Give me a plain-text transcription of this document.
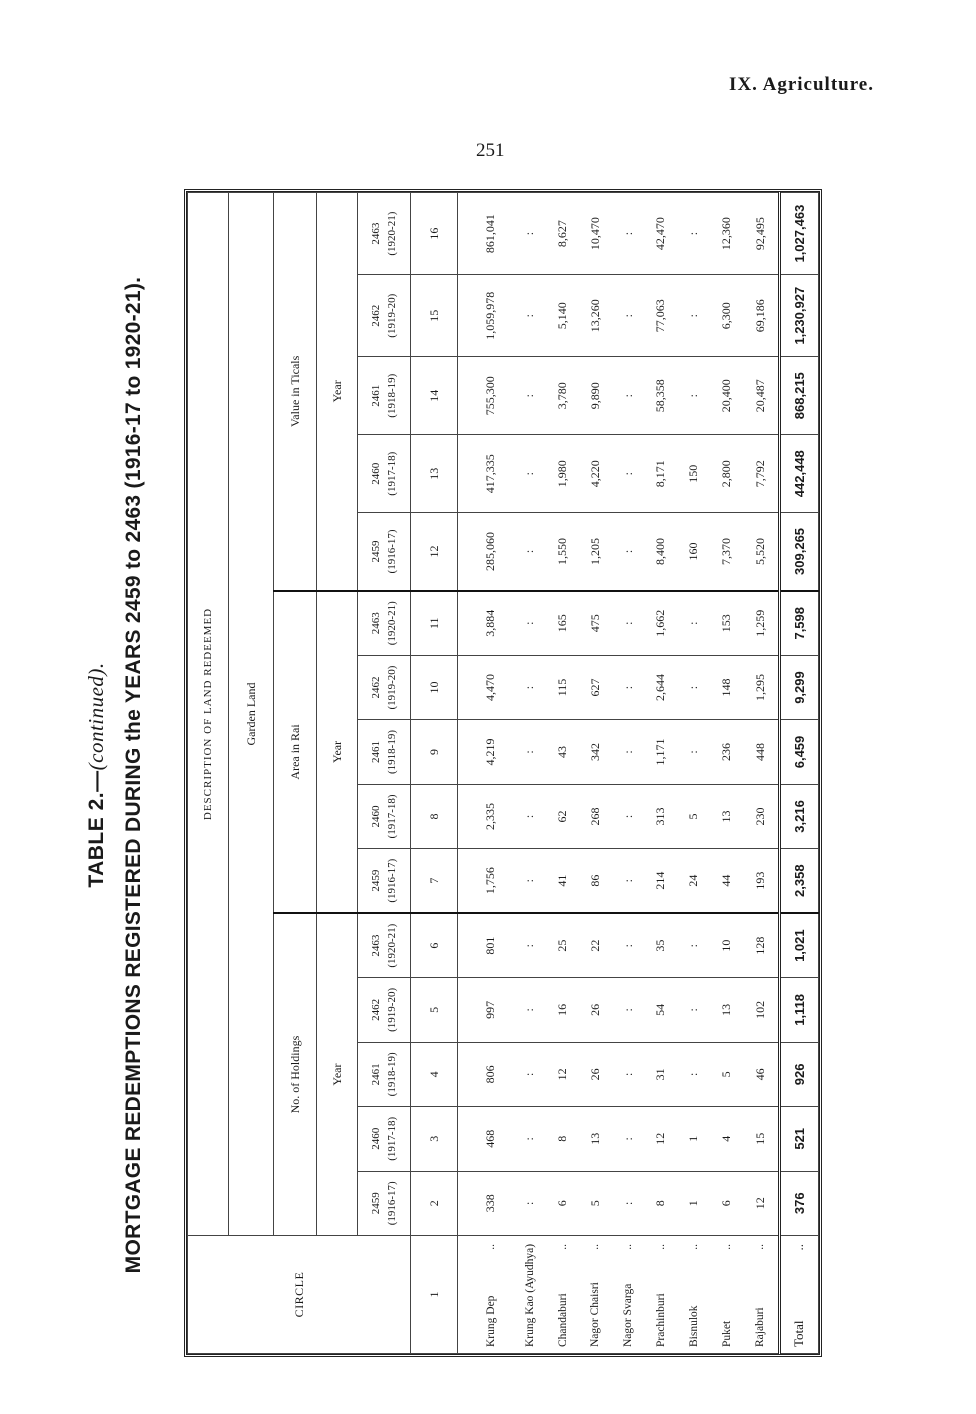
IX. Agriculture.
251
TABLE 2.—(continued). MORTGAGE REDEMPTIONS REGISTERED DURING the YEARS 2459 to 2463 (1916-17 to 1920-21).
CIRCLE	DESCRIPTION OF LAND REDEEMED														
	Garden Land														
	No. of Holdings					Area in Rai					Value in Ticals				
	Year					Year					Year				
	2459 (1916-17)	2460 (1917-18)	2461 (1918-19)	2462 (1919-20)	2463 (1920-21)	2459 (1916-17)	2460 (1917-18)	2461 (1918-19)	2462 (1919-20)	2463 (1920-21)	2459 (1916-17)	2460 (1917-18)	2461 (1918-19)	2462 (1919-20)	2463 (1920-21)
1	2	3	4	5	6	7	8	9	10	11	12	13	14	15	16

..
Krung Dep	338	468	806	997	801	1,756	2,335	4,219	4,470	3,884	285,060	417,335	755,300	1,059,978	861,041

Krung Kao (Ayudhya)	:	:	:	:	:	:	:	:	:	:	:	:	:	:	:

..
Chandaburi	6	8	12	16	25	41	62	43	115	165	1,550	1,980	3,780	5,140	8,627

..
Nagor Chaisri	5	13	26	26	22	86	268	342	627	475	1,205	4,220	9,890	13,260	10,470

..
Nagor Svarga	:	:	:	:	:	:	:	:	:	:	:	:	:	:	:

..
Prachinburi	8	12	31	54	35	214	313	1,171	2,644	1,662	8,400	8,171	58,358	77,063	42,470

..
Bisnulok	1	1	:	:	:	24	5	:	:	:	160	150	:	:	:

..
Puket	6	4	5	13	10	44	13	236	148	153	7,370	2,800	20,400	6,300	12,360

..
Rajaburi	12	15	46	102	128	193	230	448	1,295	1,259	5,520	7,792	20,487	69,186	92,495

..
Total	376	521	926	1,118	1,021	2,358	3,216	6,459	9,299	7,598	309,265	442,448	868,215	1,230,927	1,027,463
